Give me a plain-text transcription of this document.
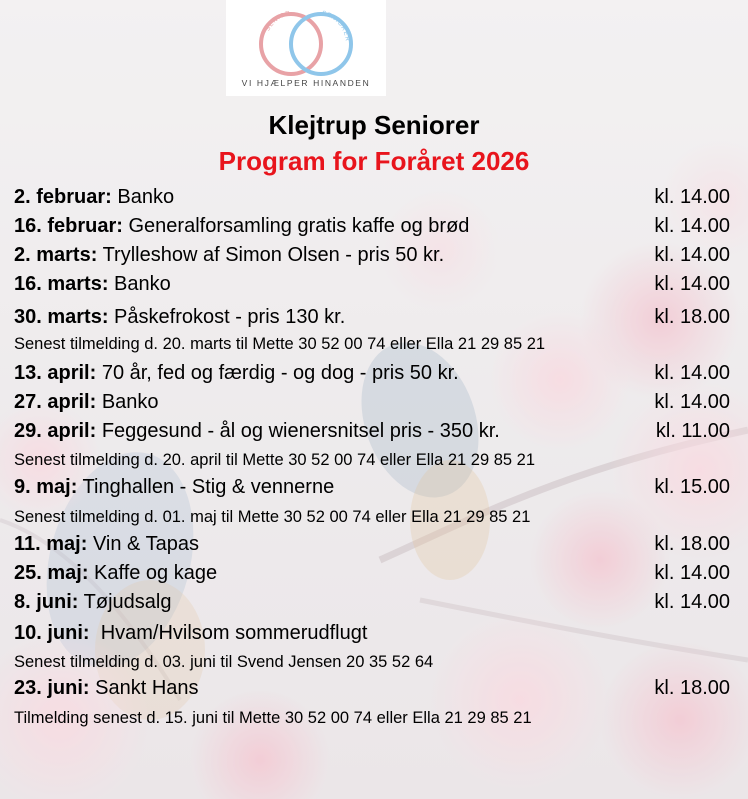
SENIOR	SENIORER
VI HJÆLPER HINANDEN
Klejtrup Seniorer
Program for Foråret 2026
2. februar: Banko	kl. 14.00
16. februar: Generalforsamling gratis kaffe og brød	kl. 14.00
2. marts: Trylleshow af Simon Olsen - pris 50 kr.	kl. 14.00
16. marts: Banko	kl. 14.00
30. marts: Påskefrokost - pris 130 kr.	kl. 18.00
Senest tilmelding d. 20. marts til Mette 30 52 00 74 eller Ella 21 29 85 21
13. april: 70 år, fed og færdig - og dog - pris 50 kr.	kl. 14.00
27. april: Banko	kl. 14.00
29. april: Feggesund - ål og wienersnitsel pris - 350 kr.	kl. 11.00
Senest tilmelding d. 20. april til Mette 30 52 00 74 eller Ella 21 29 85 21
9. maj: Tinghallen - Stig & vennerne	kl. 15.00
Senest tilmelding d. 01. maj til Mette 30 52 00 74 eller Ella 21 29 85 21
11. maj: Vin & Tapas	kl. 18.00
25. maj: Kaffe og kage	kl. 14.00
8. juni: Tøjudsalg	kl. 14.00
10. juni:  Hvam/Hvilsom sommerudflugt
Senest tilmelding d. 03. juni til Svend Jensen 20 35 52 64
23. juni: Sankt Hans	kl. 18.00
Tilmelding senest d. 15. juni til Mette 30 52 00 74 eller Ella 21 29 85 21
